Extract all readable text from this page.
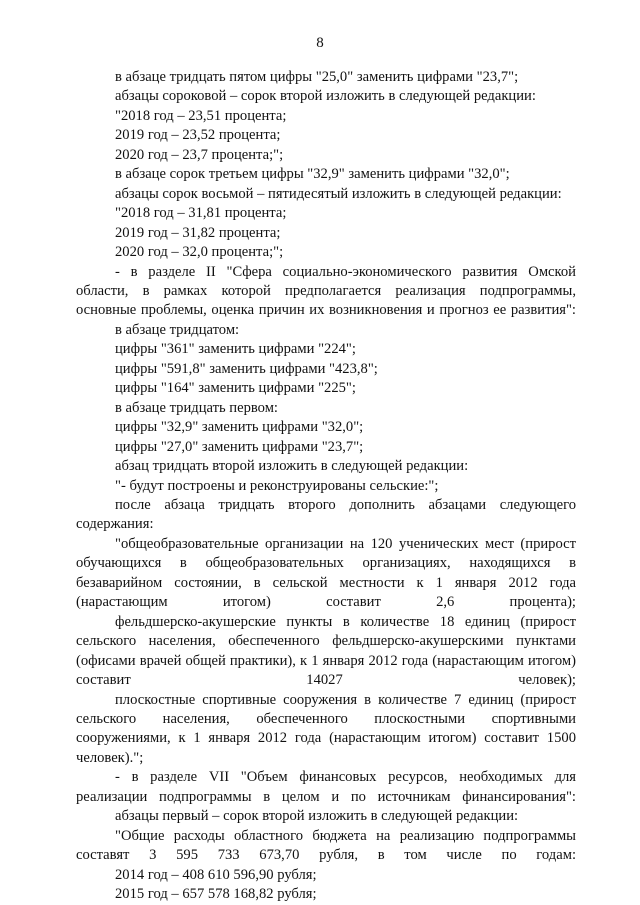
8

в абзаце тридцать пятом цифры "25,0" заменить цифрами "23,7";

абзацы сороковой – сорок второй изложить в следующей редакции:

"2018 год – 23,51 процента;

2019 год – 23,52 процента;

2020 год – 23,7 процента;";

в абзаце сорок третьем цифры "32,9" заменить цифрами "32,0";

абзацы сорок восьмой – пятидесятый изложить в следующей редакции:

"2018 год – 31,81 процента;

2019 год – 31,82 процента;

2020 год – 32,0 процента;";

- в разделе II "Сфера социально-экономического развития Омской области, в рамках которой предполагается реализация подпрограммы,
основные проблемы, оценка причин их возникновения и прогноз ее развития":

в абзаце тридцатом:

цифры "361" заменить цифрами "224";

цифры "591,8" заменить цифрами "423,8";

цифры "164" заменить цифрами "225";

в абзаце тридцать первом:

цифры "32,9" заменить цифрами "32,0";

цифры "27,0" заменить цифрами "23,7";

абзац тридцать второй изложить в следующей редакции:

"- будут построены и реконструированы сельские:";

после абзаца тридцать второго дополнить абзацами следующего
содержания:

"общеобразовательные организации на 120 ученических мест (прирост обучающихся в общеобразовательных организациях, находящихся в безаварийном состоянии, в сельской местности к 1 января 2012 года
(нарастающим итогом) составит 2,6 процента);

фельдшерско-акушерские пункты в количестве 18 единиц (прирост сельского населения, обеспеченного фельдшерско-акушерскими пунктами (офисами врачей общей практики), к 1 января 2012 года (нарастающим итогом)
составит 14027 человек);

плоскостные спортивные сооружения в количестве 7 единиц (прирост сельского населения, обеспеченного плоскостными спортивными сооружениями, к 1 января 2012 года (нарастающим итогом) составит 1500
человек).";

- в разделе VII "Объем финансовых ресурсов, необходимых для
реализации подпрограммы в целом и по источникам финансирования":

абзацы первый – сорок второй изложить в следующей редакции:

"Общие расходы областного бюджета на реализацию подпрограммы
составят 3 595 733 673,70 рубля, в том числе по годам:

2014 год – 408 610 596,90 рубля;

2015 год – 657 578 168,82 рубля;
